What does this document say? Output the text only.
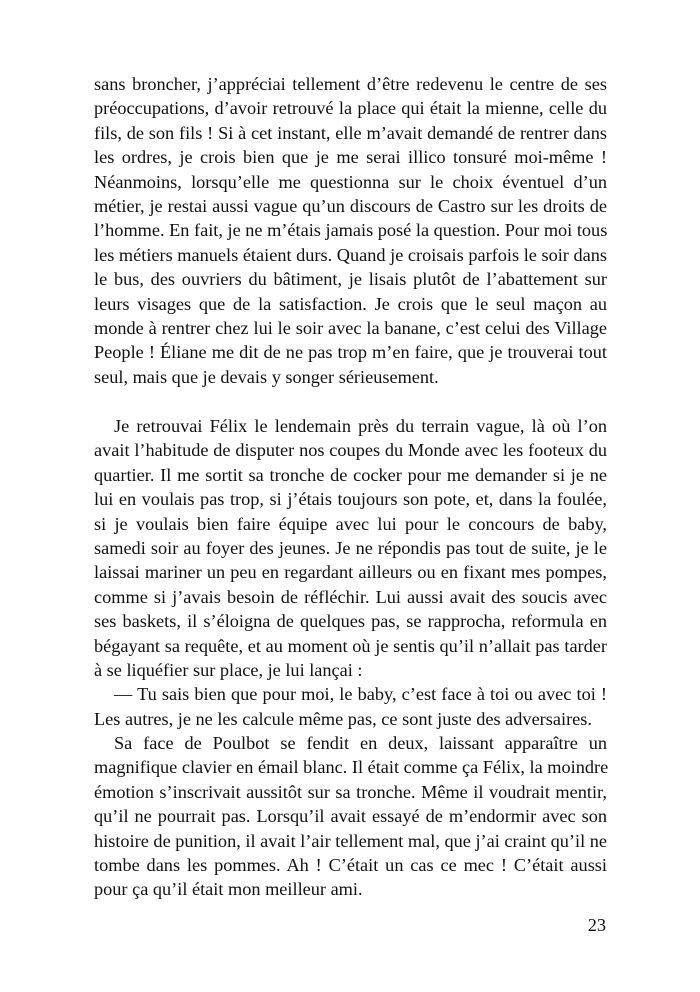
sans broncher, j’appréciai tellement d’être redevenu le centre de ses
préoccupations, d’avoir retrouvé la place qui était la mienne, celle du
fils, de son fils ! Si à cet instant, elle m’avait demandé de rentrer dans
les ordres, je crois bien que je me serai illico tonsuré moi-même !
Néanmoins, lorsqu’elle me questionna sur le choix éventuel d’un
métier, je restai aussi vague qu’un discours de Castro sur les droits de
l’homme. En fait, je ne m’étais jamais posé la question. Pour moi tous
les métiers manuels étaient durs. Quand je croisais parfois le soir dans
le bus, des ouvriers du bâtiment, je lisais plutôt de l’abattement sur
leurs visages que de la satisfaction. Je crois que le seul maçon au
monde à rentrer chez lui le soir avec la banane, c’est celui des Village
People ! Éliane me dit de ne pas trop m’en faire, que je trouverai tout
seul, mais que je devais y songer sérieusement.
Je retrouvai Félix le lendemain près du terrain vague, là où l’on
avait l’habitude de disputer nos coupes du Monde avec les footeux du
quartier. Il me sortit sa tronche de cocker pour me demander si je ne
lui en voulais pas trop, si j’étais toujours son pote, et, dans la foulée,
si je voulais bien faire équipe avec lui pour le concours de baby,
samedi soir au foyer des jeunes. Je ne répondis pas tout de suite, je le
laissai mariner un peu en regardant ailleurs ou en fixant mes pompes,
comme si j’avais besoin de réfléchir. Lui aussi avait des soucis avec
ses baskets, il s’éloigna de quelques pas, se rapprocha, reformula en
bégayant sa requête, et au moment où je sentis qu’il n’allait pas tarder
à se liquéfier sur place, je lui lançai :
— Tu sais bien que pour moi, le baby, c’est face à toi ou avec toi !
Les autres, je ne les calcule même pas, ce sont juste des adversaires.
Sa face de Poulbot se fendit en deux, laissant apparaître un
magnifique clavier en émail blanc. Il était comme ça Félix, la moindre
émotion s’inscrivait aussitôt sur sa tronche. Même il voudrait mentir,
qu’il ne pourrait pas. Lorsqu’il avait essayé de m’endormir avec son
histoire de punition, il avait l’air tellement mal, que j’ai craint qu’il ne
tombe dans les pommes. Ah ! C’était un cas ce mec ! C’était aussi
pour ça qu’il était mon meilleur ami.
23
